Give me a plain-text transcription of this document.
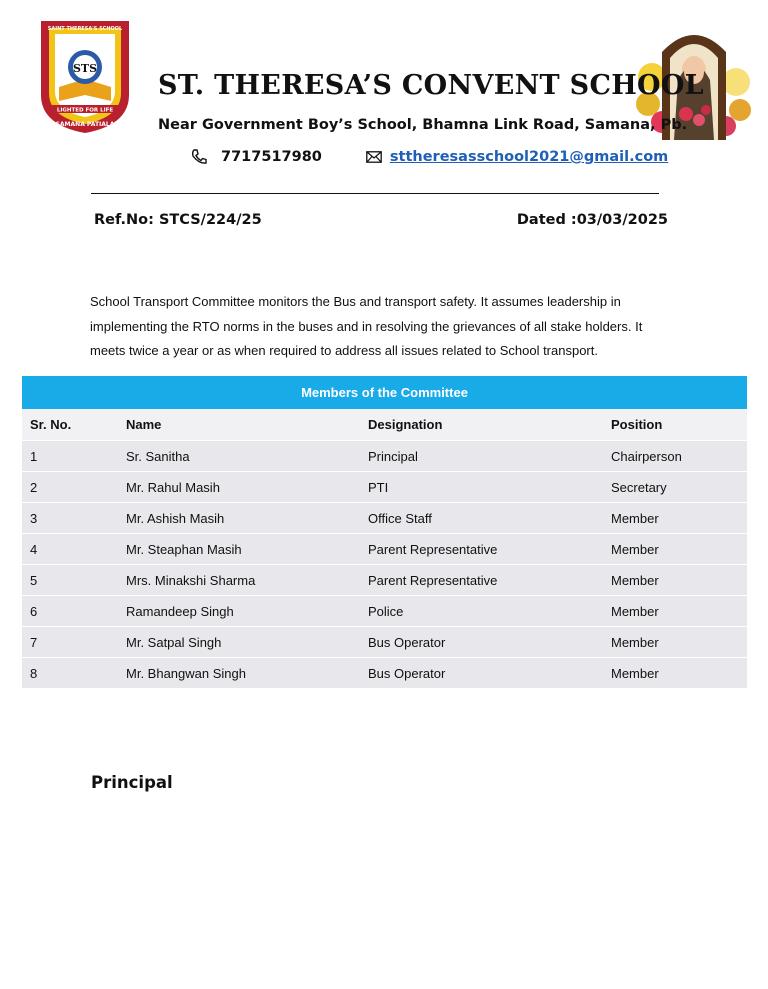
STS
LIGHTED FOR LIFE
SAINT THERESA'S SCHOOL
SAMANA PATIALA
ST. THERESA’S CONVENT SCHOOL
Near Government Boy’s School, Bhamna Link Road, Samana, Pb.
7717517980	sttheresasschool2021@gmail.com
Ref.No: STCS/224/25	Dated :03/03/2025
School Transport Committee monitors the Bus and transport safety. It assumes leadership in implementing the RTO norms in the buses and in resolving the grievances of all stake holders. It meets twice a year or as when required to address all issues related to School transport.
Members of the Committee			
Sr. No.	Name	Designation	Position
1	Sr. Sanitha	Principal	Chairperson
2	Mr. Rahul Masih	PTI	Secretary
3	Mr. Ashish Masih	Office Staff	Member
4	Mr. Steaphan Masih	Parent Representative	Member
5	Mrs. Minakshi Sharma	Parent Representative	Member
6	Ramandeep Singh	Police	Member
7	Mr. Satpal Singh	Bus Operator	Member
8	Mr. Bhangwan Singh	Bus Operator	Member
Principal
